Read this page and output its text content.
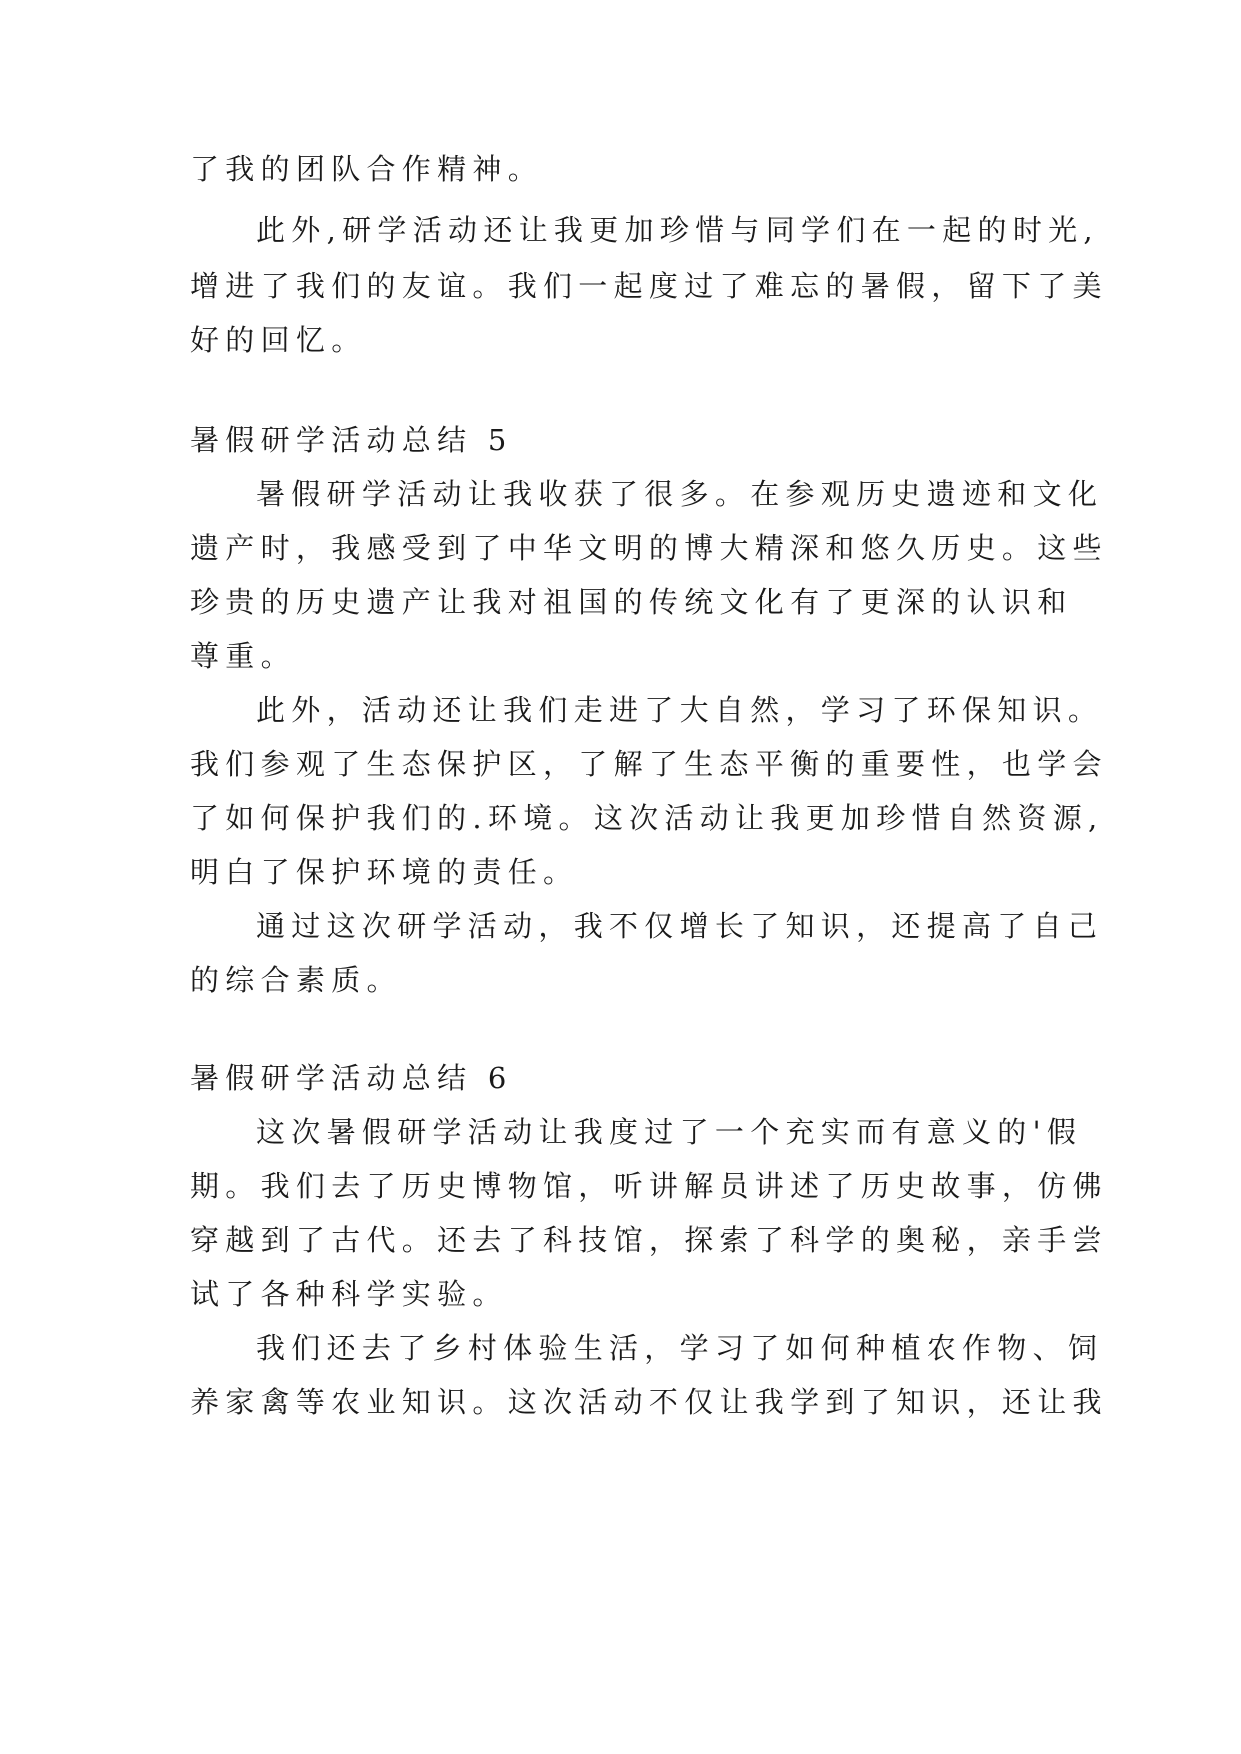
了我的团队合作精神。

此外,研学活动还让我更加珍惜与同学们在一起的时光,

增进了我们的友谊。我们一起度过了难忘的暑假，留下了美

好的回忆。

暑假研学活动总结 5

暑假研学活动让我收获了很多。在参观历史遗迹和文化

遗产时，我感受到了中华文明的博大精深和悠久历史。这些

珍贵的历史遗产让我对祖国的传统文化有了更深的认识和

尊重。

此外，活动还让我们走进了大自然，学习了环保知识。

我们参观了生态保护区，了解了生态平衡的重要性，也学会

了如何保护我们的.环境。这次活动让我更加珍惜自然资源,

明白了保护环境的责任。

通过这次研学活动，我不仅增长了知识，还提高了自己

的综合素质。

暑假研学活动总结 6

这次暑假研学活动让我度过了一个充实而有意义的'假

期。我们去了历史博物馆，听讲解员讲述了历史故事，仿佛

穿越到了古代。还去了科技馆，探索了科学的奥秘，亲手尝

试了各种科学实验。

我们还去了乡村体验生活，学习了如何种植农作物、饲

养家禽等农业知识。这次活动不仅让我学到了知识，还让我
